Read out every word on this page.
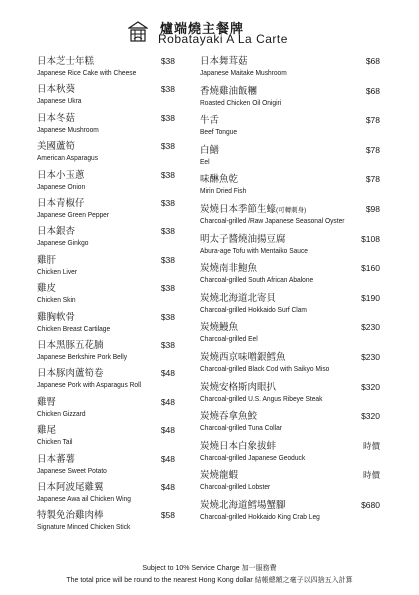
爐端燒主餐牌
Robatayaki A La Carte
日本芝士年糕
Japanese Rice Cake with Cheese
$38
日本秋葵
Japanese Ukra
$38
日本冬菇
Japanese Mushroom
$38
美國蘆筍
American Asparagus
$38
日本小玉蔥
Japanese Onion
$38
日本青椒仔
Japanese Green Pepper
$38
日本銀杏
Japanese Ginkgo
$38
雞肝
Chicken Liver
$38
雞皮
Chicken Skin
$38
雞胸軟骨
Chicken Breast Cartilage
$38
日本黑豚五花腩
Japanese Berkshire Pork Belly
$38
日本豚肉蘆筍卷
Japanese Pork with Asparagus Roll
$48
雞腎
Chicken Gizzard
$48
雞尾
Chicken Tail
$48
日本蕃薯
Japanese Sweet Potato
$48
日本阿波尾雞翼
Japanese Awa ail Chicken Wing
$48
特製免治雞肉棒
Signature Minced Chicken Stick
$58
日本舞茸菇
Japanese Maitake Mushroom
$68
香燒雞油飯糰
Roasted Chicken Oil Onigiri
$68
牛舌
Beef Tongue
$78
白鱔
Eel
$78
味醂魚乾
Mirin Dried Fish
$78
炭燒日本季節生蠔(可轉刺身)
Charcoal-grilled /Raw Japanese Seasonal Oyster
$98
明太子醬燒油揚豆腐
Abura-age Tofu with Mentaiko Sauce
$108
炭燒南非鮑魚
Charcoal-grilled South African Abalone
$160
炭燒北海道北寄貝
Charcoal-grilled Hokkaido Surf Clam
$190
炭燒鰻魚
Charcoal-grilled Eel
$230
炭燒西京味噌銀鱈魚
Charcoal-grilled Black Cod with Saikyo Miso
$230
炭燒安格斯肉眼扒
Charcoal-grilled U.S. Angus Ribeye Steak
$320
炭燒吞拿魚鮫
Charcoal-grilled Tuna Collar
$320
炭燒日本白象拔蚌
Charcoal-grilled Japanese Geoduck
時價
炭燒龍蝦
Charcoal-grilled Lobster
時價
炭燒北海道鱈場蟹腳
Charcoal-grilled Hokkaido King Crab Leg
$680
Subject to 10% Service Charge 加一服務費
The total price will be round to the nearest Hong Kong dollar 結帳總額之毫子以四捨五入計算
